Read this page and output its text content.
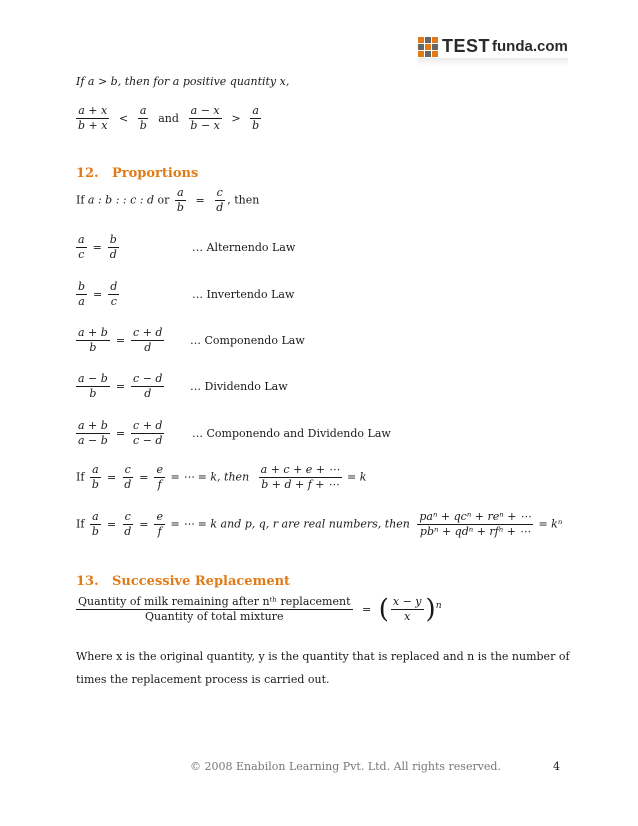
TEST funda.com
If a > b, then for a positive quantity x,
$\frac{a + x}{b + x} < \frac{a}{b}$ and $\frac{a - x}{b - x} > \frac{a}{b}$
12. Proportions
If a : b : : c : d or $\frac{a}{b} = \frac{c}{d}$ , then
$\frac{a}{c} = \frac{b}{d}$	… Alternendo Law
$\frac{b}{a} = \frac{d}{c}$	… Invertendo Law
$\frac{a + b}{b} = \frac{c + d}{d}$ … Componendo Law
$\frac{a - b}{b} = \frac{c - d}{d}$ … Dividendo Law
$\frac{a + b}{a - b} = \frac{c + d}{c - d}$	… Componendo and Dividendo Law
If $\frac{a}{b} = \frac{c}{d} = \frac{e}{f}$ = ⋯ = k, then $\frac{a + c + e + \cdots}{b + d + f + \cdots} = k$
If $\frac{a}{b} = \frac{c}{d} = \frac{e}{f}$ = ⋯ = k and p, q, r are real numbers, then $\frac{\text{paⁿ + qcⁿ + reⁿ + ⋯}}{\text{pbⁿ + qdⁿ + rfⁿ + ⋯}} = k^n$
13. Successive Replacement
$\frac{\text{Quantity of milk remaining after nᵗʰ replacement}}{\text{Quantity of total mixture}}$ = ( $\frac{x - y}{x} )^n$
Where x is the original quantity, y is the quantity that is replaced and n is the number of
times the replacement process is carried out.
© 2008 Enabilon Learning Pvt. Ltd. All rights reserved.	4
